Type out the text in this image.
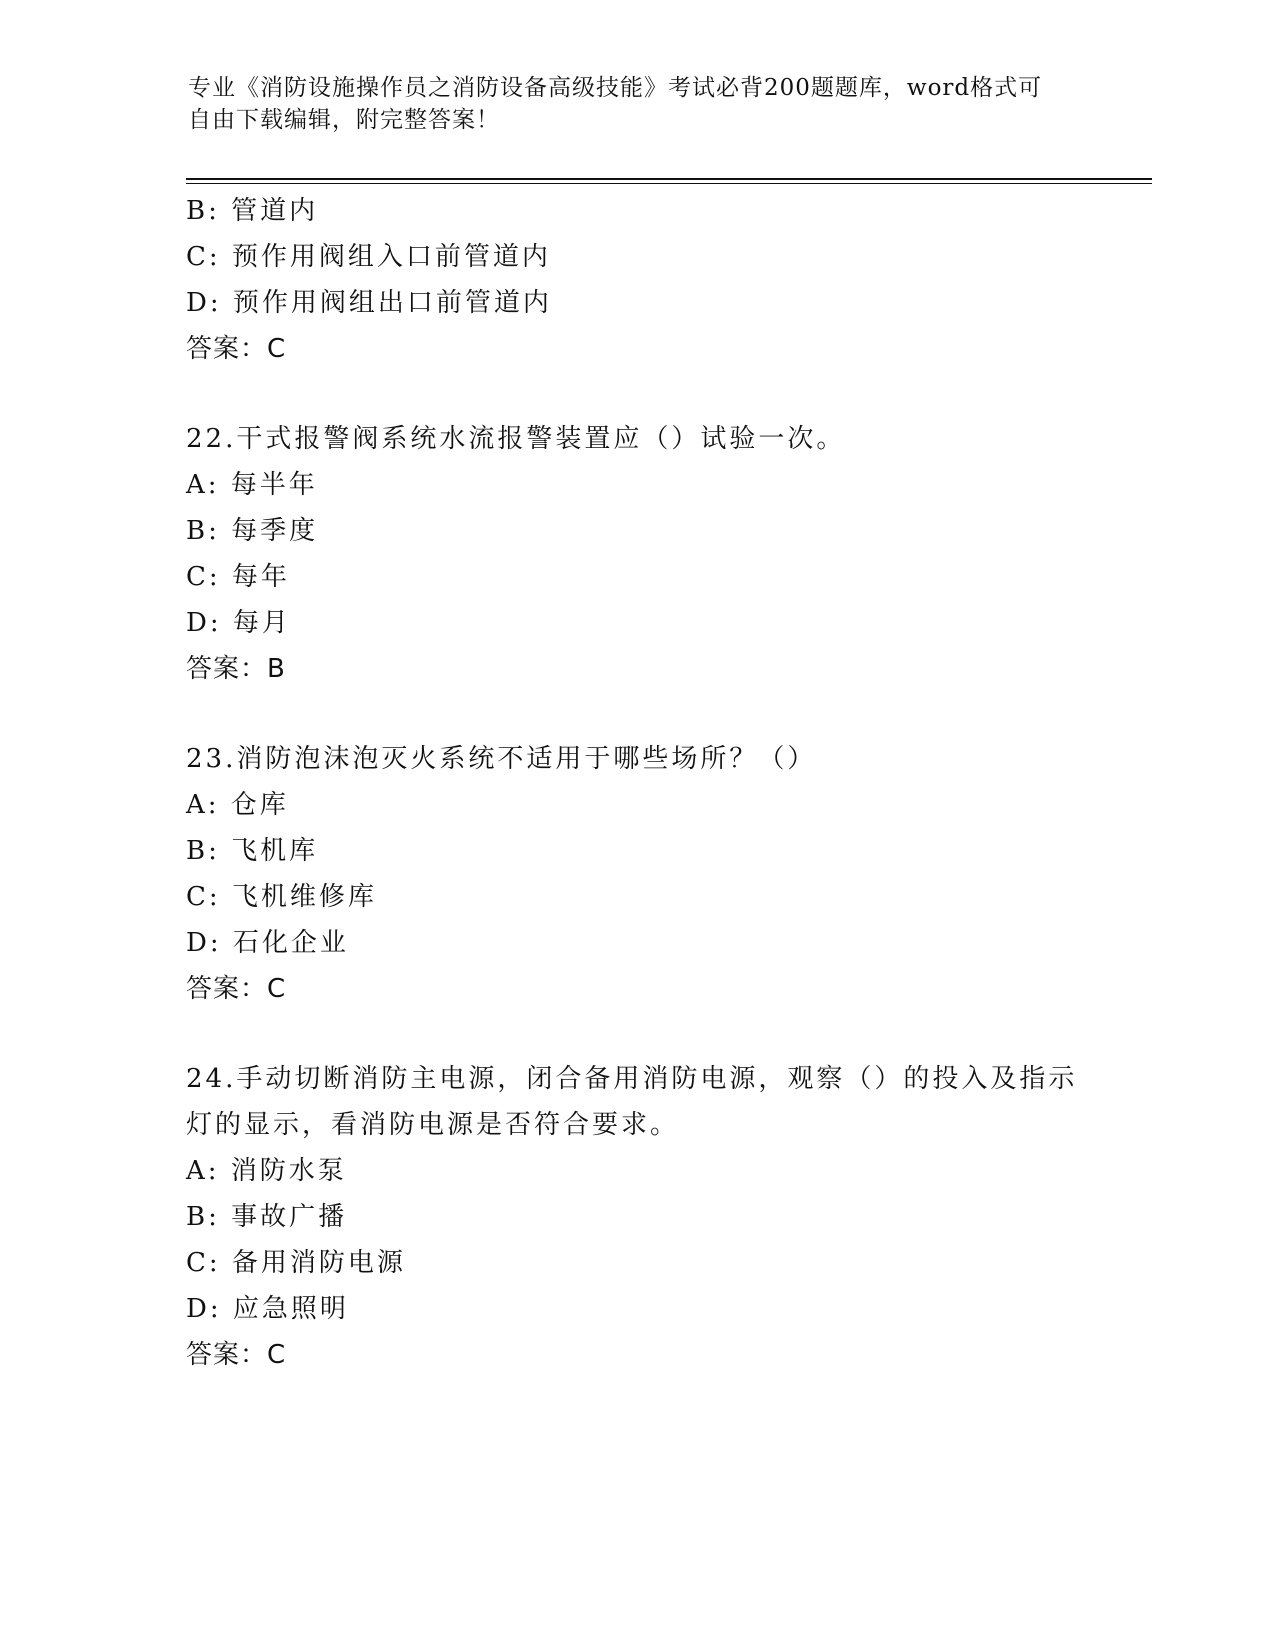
专业《消防设施操作员之消防设备高级技能》考试必背200题题库，word格式可
自由下载编辑，附完整答案！
B: 管道内
C: 预作用阀组入口前管道内
D: 预作用阀组出口前管道内
答案：C
22.干式报警阀系统水流报警装置应（）试验一次。
A: 每半年
B: 每季度
C: 每年
D: 每月
答案：B
23.消防泡沫泡灭火系统不适用于哪些场所？（）
A: 仓库
B: 飞机库
C: 飞机维修库
D: 石化企业
答案：C
24.手动切断消防主电源，闭合备用消防电源，观察（）的投入及指示
灯的显示，看消防电源是否符合要求。
A: 消防水泵
B: 事故广播
C: 备用消防电源
D: 应急照明
答案：C
